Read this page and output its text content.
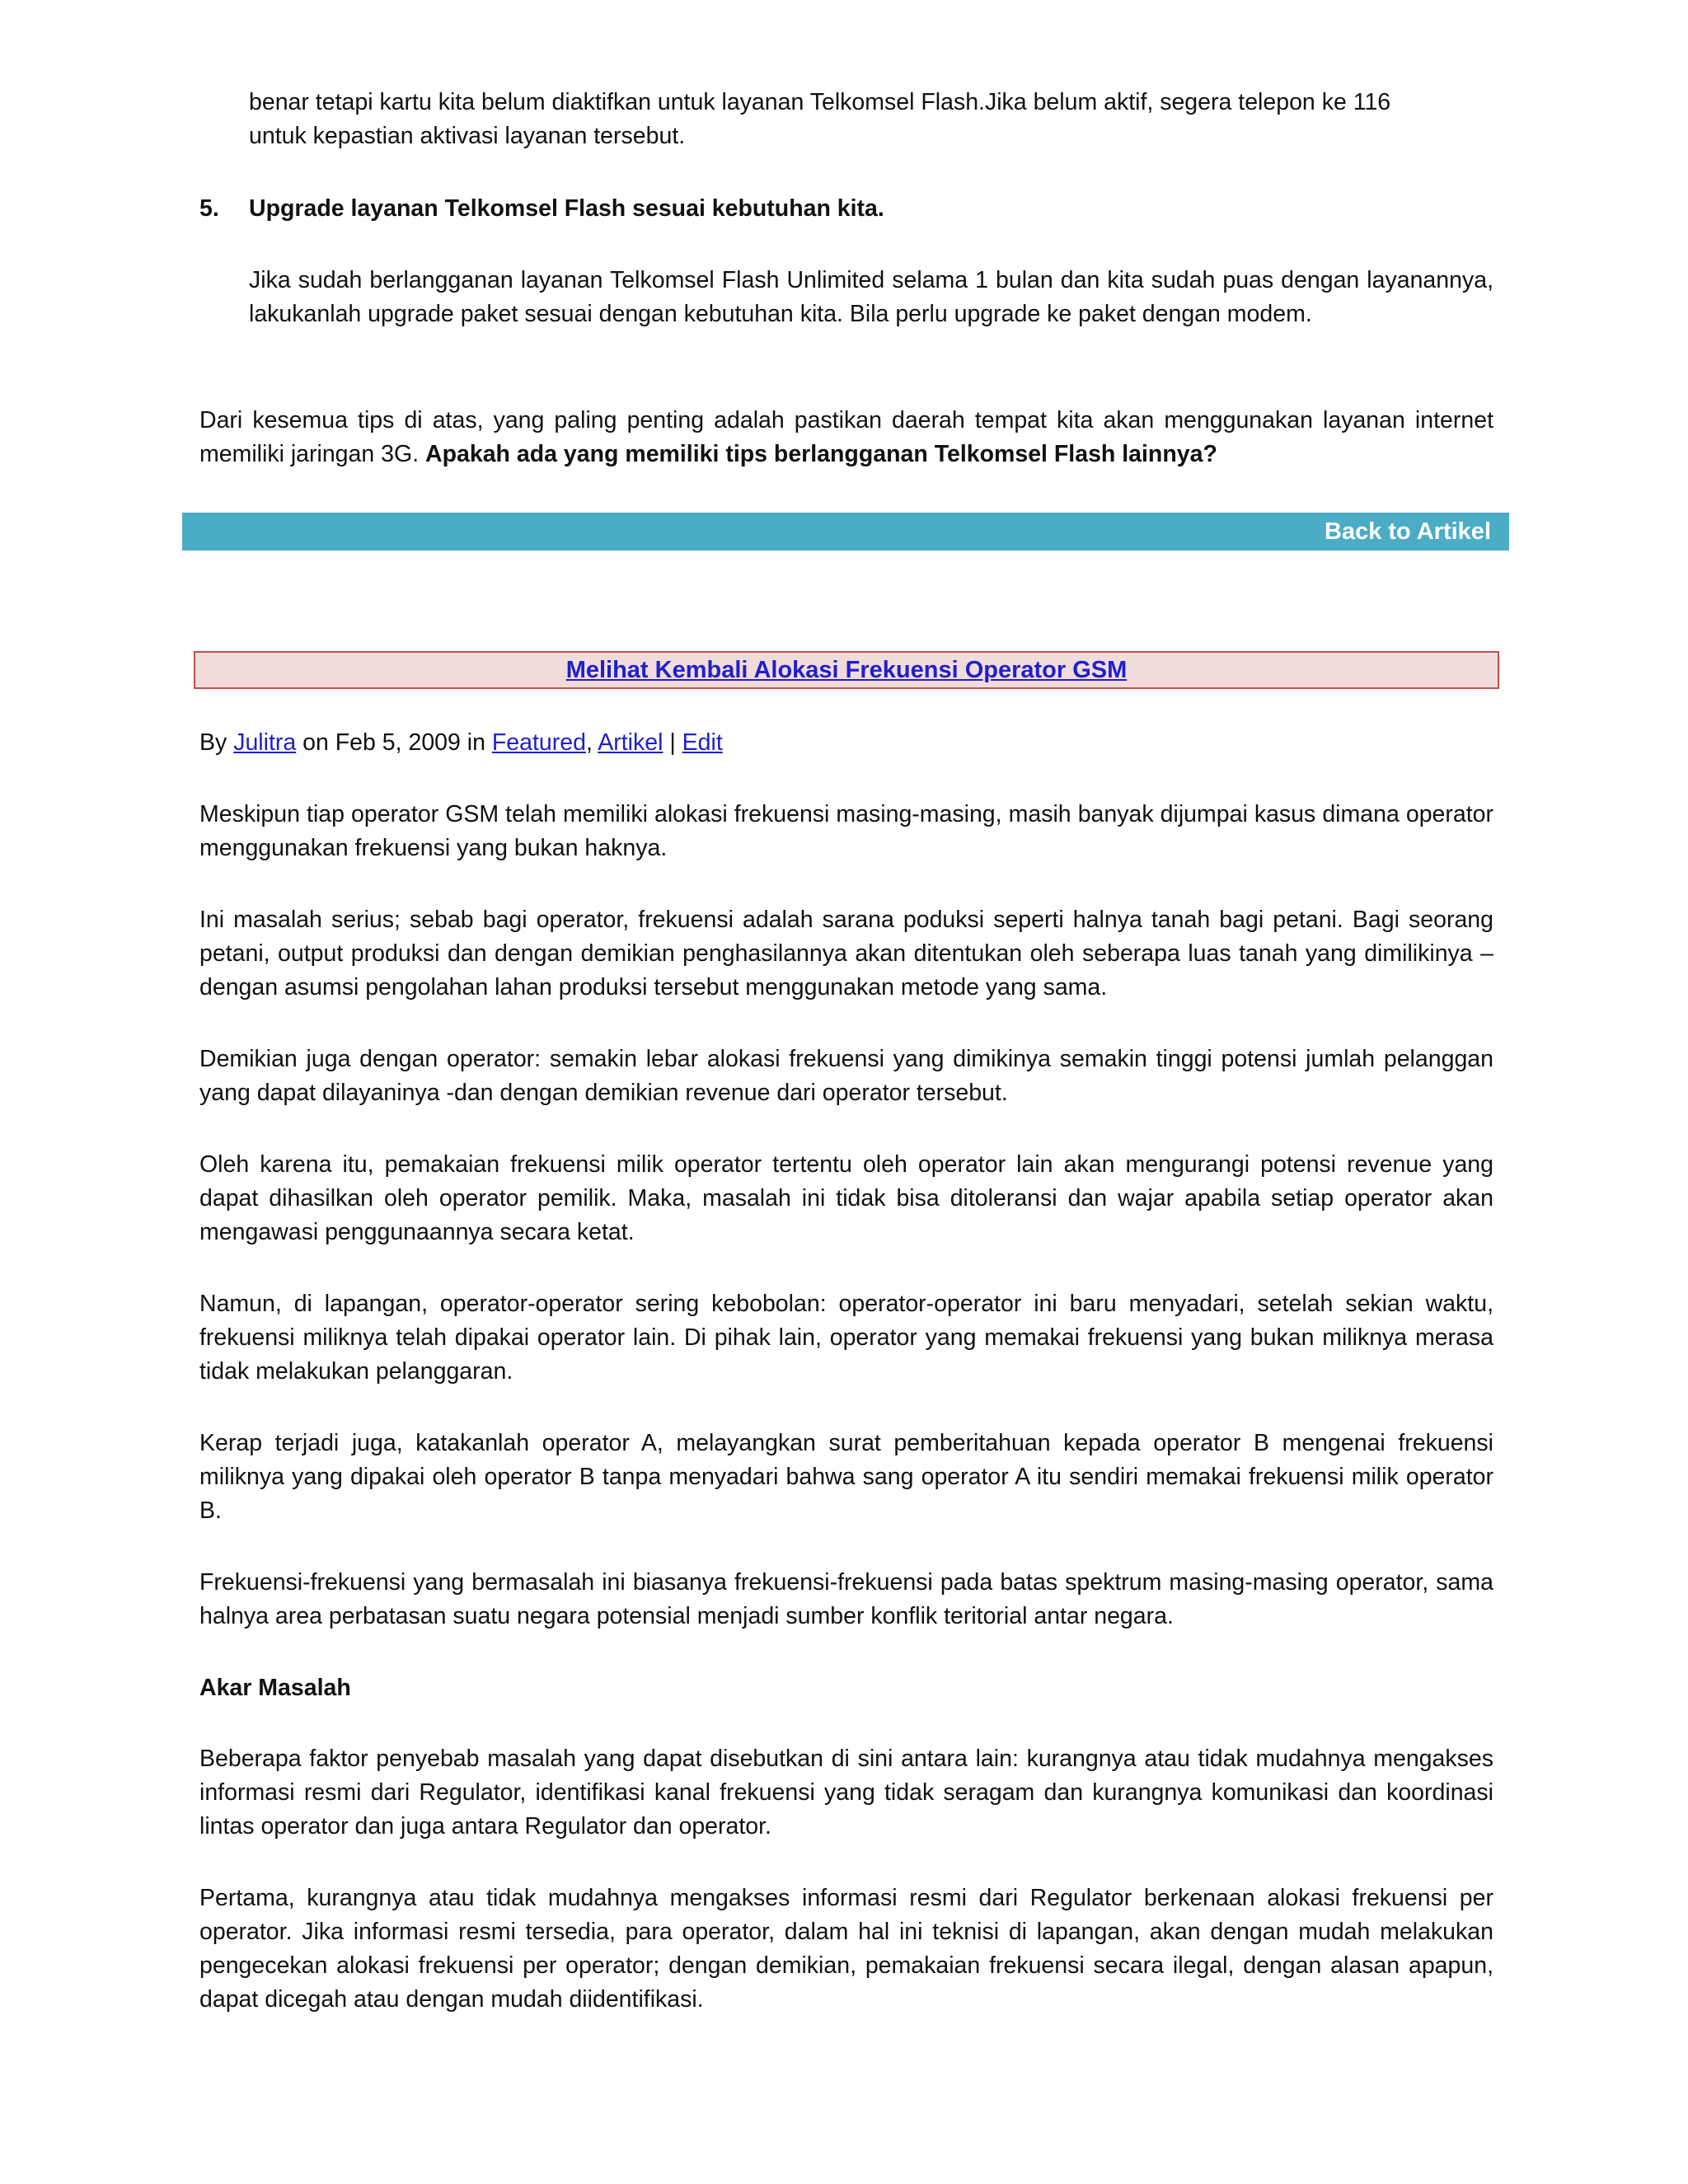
benar tetapi kartu kita belum diaktifkan untuk layanan Telkomsel Flash.Jika belum aktif, segera telepon ke 116

untuk kepastian aktivasi layanan tersebut.

5. Upgrade layanan Telkomsel Flash sesuai kebutuhan kita.

Jika sudah berlangganan layanan Telkomsel Flash Unlimited selama 1 bulan dan kita sudah puas dengan layanannya, lakukanlah upgrade paket sesuai dengan kebutuhan kita. Bila perlu upgrade ke paket dengan modem.

Dari kesemua tips di atas, yang paling penting adalah pastikan daerah tempat kita akan menggunakan layanan internet memiliki jaringan 3G. Apakah ada yang memiliki tips berlangganan Telkomsel Flash lainnya?

Back to Artikel
Melihat Kembali Alokasi Frekuensi Operator GSM

By Julitra on Feb 5, 2009 in Featured, Artikel | Edit

Meskipun tiap operator GSM telah memiliki alokasi frekuensi masing-masing, masih banyak dijumpai kasus dimana operator menggunakan frekuensi yang bukan haknya.

Ini masalah serius; sebab bagi operator, frekuensi adalah sarana poduksi seperti halnya tanah bagi petani. Bagi seorang petani, output produksi dan dengan demikian penghasilannya akan ditentukan oleh seberapa luas tanah yang dimilikinya –dengan asumsi pengolahan lahan produksi tersebut menggunakan metode yang sama.

Demikian juga dengan operator: semakin lebar alokasi frekuensi yang dimikinya semakin tinggi potensi jumlah pelanggan yang dapat dilayaninya -dan dengan demikian revenue dari operator tersebut.

Oleh karena itu, pemakaian frekuensi milik operator tertentu oleh operator lain akan mengurangi potensi revenue yang dapat dihasilkan oleh operator pemilik. Maka, masalah ini tidak bisa ditoleransi dan wajar apabila setiap operator akan mengawasi penggunaannya secara ketat.

Namun, di lapangan, operator-operator sering kebobolan: operator-operator ini baru menyadari, setelah sekian waktu, frekuensi miliknya telah dipakai operator lain. Di pihak lain, operator yang memakai frekuensi yang bukan miliknya merasa tidak melakukan pelanggaran.

Kerap terjadi juga, katakanlah operator A, melayangkan surat pemberitahuan kepada operator B mengenai frekuensi miliknya yang dipakai oleh operator B tanpa menyadari bahwa sang operator A itu sendiri memakai frekuensi milik operator B.

Frekuensi-frekuensi yang bermasalah ini biasanya frekuensi-frekuensi pada batas spektrum masing-masing operator, sama halnya area perbatasan suatu negara potensial menjadi sumber konflik teritorial antar negara.

Akar Masalah

Beberapa faktor penyebab masalah yang dapat disebutkan di sini antara lain: kurangnya atau tidak mudahnya mengakses informasi resmi dari Regulator, identifikasi kanal frekuensi yang tidak seragam dan kurangnya komunikasi dan koordinasi lintas operator dan juga antara Regulator dan operator.

Pertama, kurangnya atau tidak mudahnya mengakses informasi resmi dari Regulator berkenaan alokasi frekuensi per operator. Jika informasi resmi tersedia, para operator, dalam hal ini teknisi di lapangan, akan dengan mudah melakukan pengecekan alokasi frekuensi per operator; dengan demikian, pemakaian frekuensi secara ilegal, dengan alasan apapun, dapat dicegah atau dengan mudah diidentifikasi.
